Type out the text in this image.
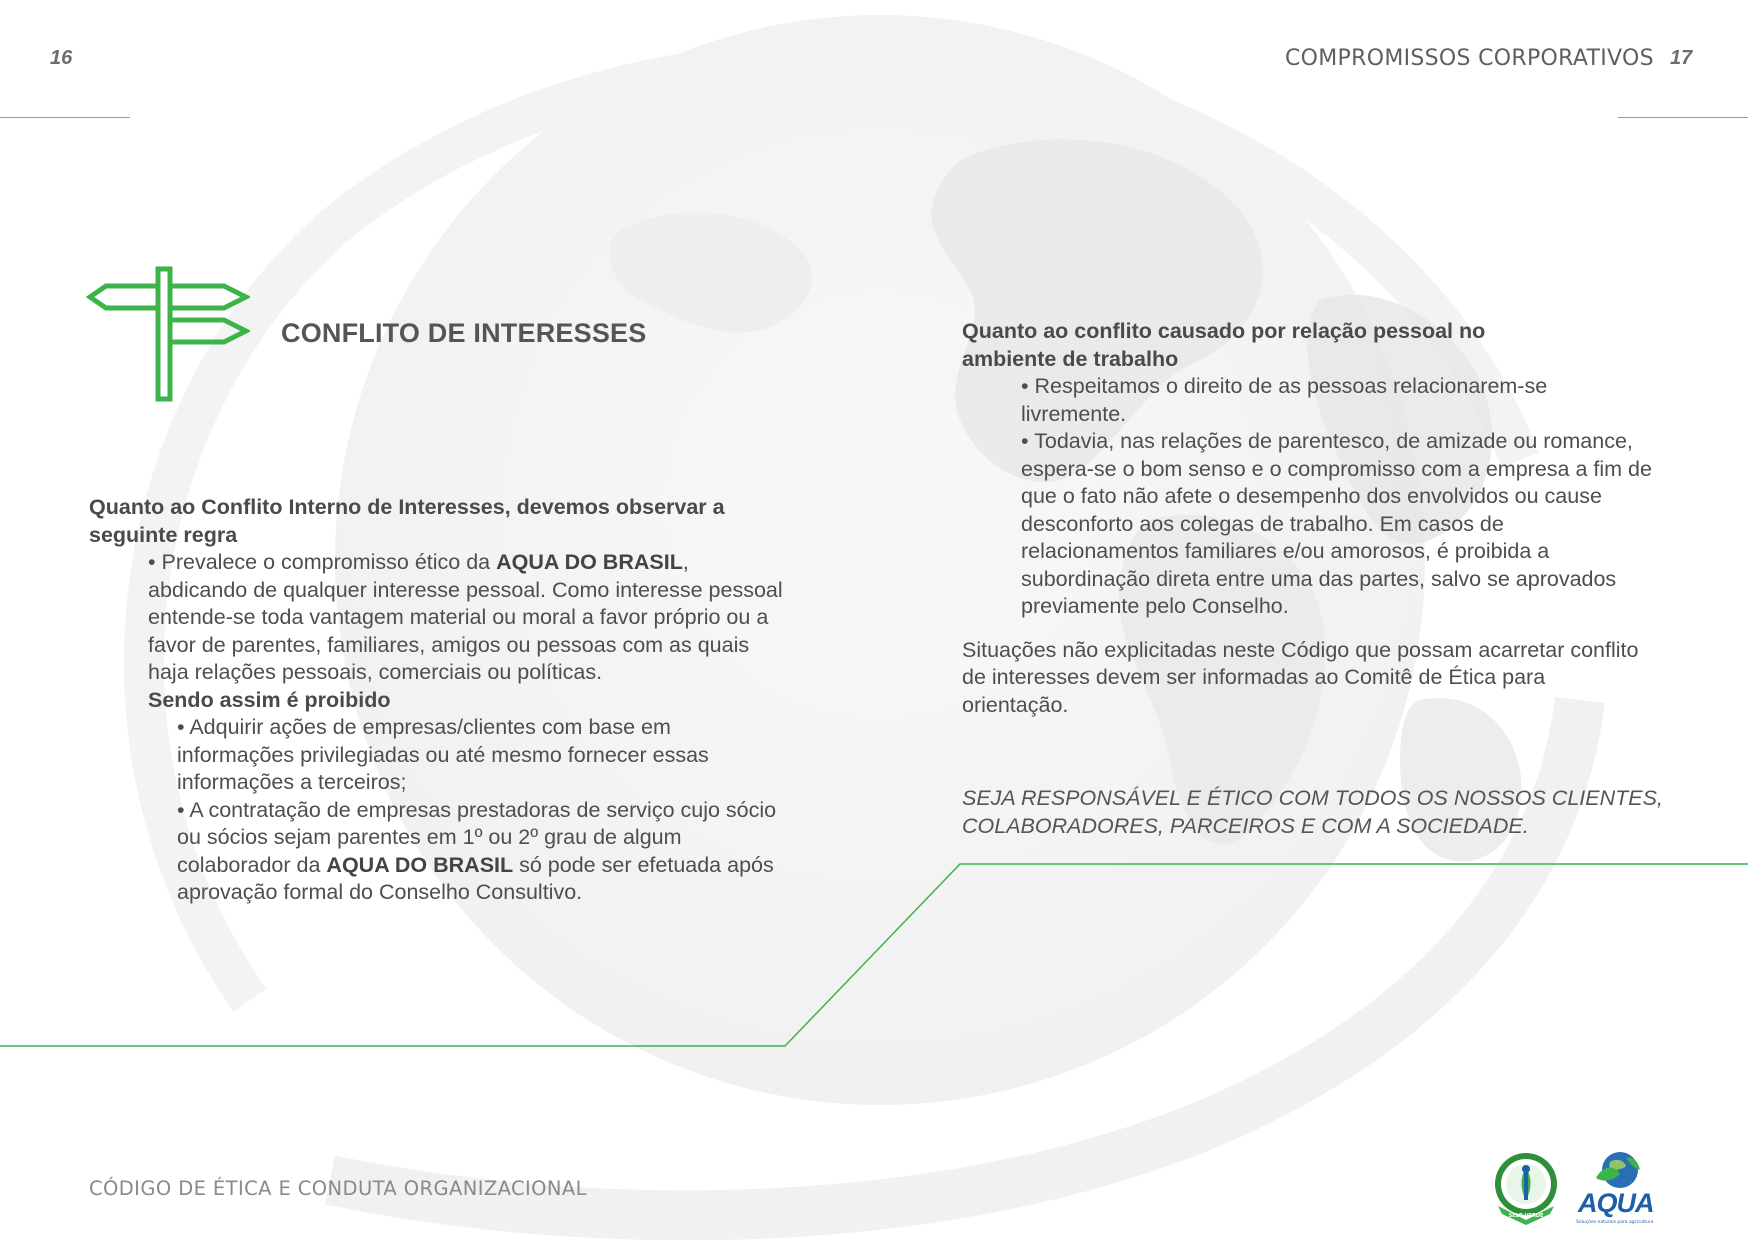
16	COMPROMISSOS CORPORATIVOS 17
CONFLITO DE INTERESSES

Quanto ao Conflito Interno de Interesses, devemos observar a seguinte regra

• Prevalece o compromisso ético da AQUA DO BRASIL, abdicando de qualquer interesse pessoal. Como interesse pessoal entende-se toda vantagem material ou moral a favor próprio ou a favor de parentes, familiares, amigos ou pessoas com as quais haja relações pessoais, comerciais ou políticas.

Sendo assim é proibido

• Adquirir ações de empresas/clientes com base em informações privilegiadas ou até mesmo fornecer essas informações a terceiros;

• A contratação de empresas prestadoras de serviço cujo sócio ou sócios sejam parentes em 1º ou 2º grau de algum colaborador da AQUA DO BRASIL só pode ser efetuada após aprovação formal do Conselho Consultivo.

Quanto ao conflito causado por relação pessoal no ambiente de trabalho

• Respeitamos o direito de as pessoas relacionarem-se livremente.

• Todavia, nas relações de parentesco, de amizade ou romance, espera-se o bom senso e o compromisso com a empresa a fim de que o fato não afete o desempenho dos envolvidos ou cause desconforto aos colegas de trabalho. Em casos de relacionamentos familiares e/ou amorosos, é proibida a subordinação direta entre uma das partes, salvo se aprovados previamente pelo Conselho.

Situações não explicitadas neste Código que possam acarretar conflito de interesses devem ser informadas ao Comitê de Ética para orientação.

SEJA RESPONSÁVEL E ÉTICO COM TODOS OS NOSSOS CLIENTES, COLABORADORES, PARCEIROS E COM A SOCIEDADE.
CÓDIGO DE ÉTICA E CONDUTA ORGANIZACIONAL
SELO VERDE AQUA
Soluções naturais para agricultura
